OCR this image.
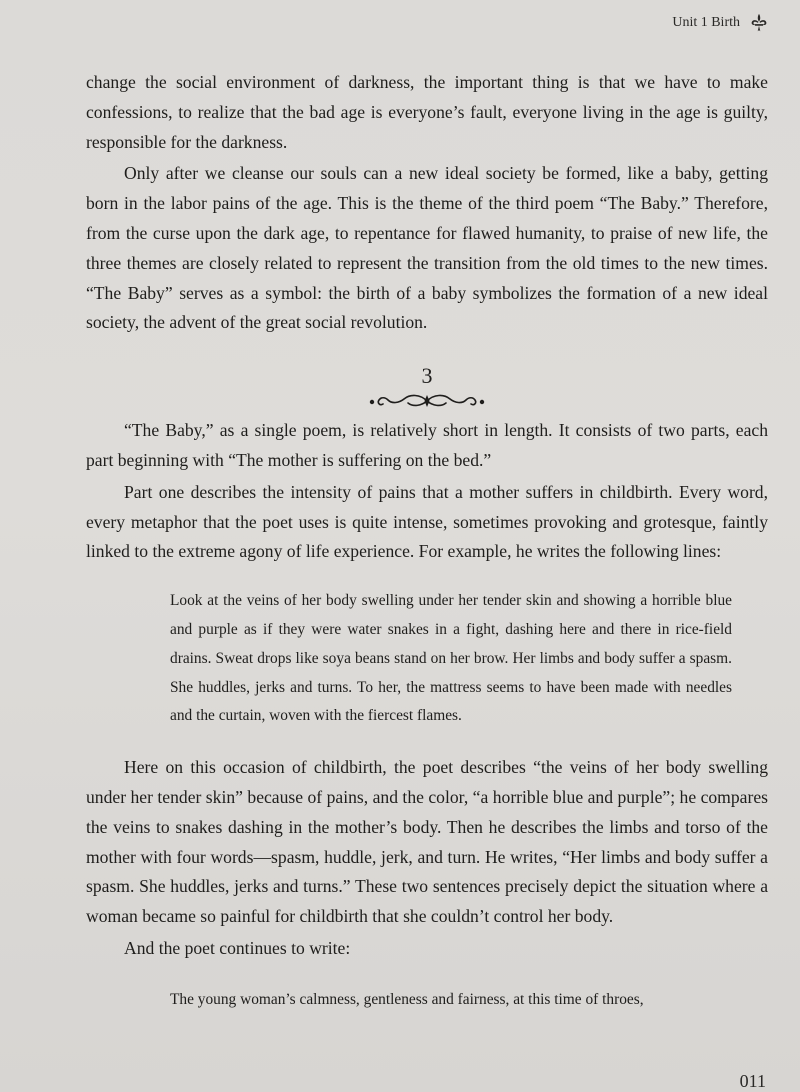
Unit 1 Birth

change the social environment of darkness, the important thing is that we have to make confessions, to realize that the bad age is everyone’s fault, everyone living in the age is guilty, responsible for the darkness.

Only after we cleanse our souls can a new ideal society be formed, like a baby, getting born in the labor pains of the age. This is the theme of the third poem “The Baby.” Therefore, from the curse upon the dark age, to repentance for flawed humanity, to praise of new life, the three themes are closely related to represent the transition from the old times to the new times. “The Baby” serves as a symbol: the birth of a baby symbolizes the formation of a new ideal society, the advent of the great social revolution.

3

“The Baby,” as a single poem, is relatively short in length. It consists of two parts, each part beginning with “The mother is suffering on the bed.”

Part one describes the intensity of pains that a mother suffers in childbirth. Every word, every metaphor that the poet uses is quite intense, sometimes provoking and grotesque, faintly linked to the extreme agony of life experience. For example, he writes the following lines:

Look at the veins of her body swelling under her tender skin and showing a horrible blue and purple as if they were water snakes in a fight, dashing here and there in rice-field drains. Sweat drops like soya beans stand on her brow. Her limbs and body suffer a spasm. She huddles, jerks and turns. To her, the mattress seems to have been made with needles and the curtain, woven with the fiercest flames.

Here on this occasion of childbirth, the poet describes “the veins of her body swelling under her tender skin” because of pains, and the color, “a horrible blue and purple”; he compares the veins to snakes dashing in the mother’s body. Then he describes the limbs and torso of the mother with four words—spasm, huddle, jerk, and turn. He writes, “Her limbs and body suffer a spasm. She huddles, jerks and turns.” These two sentences precisely depict the situation where a woman became so painful for childbirth that she couldn’t control her body.

And the poet continues to write:

The young woman’s calmness, gentleness and fairness, at this time of throes,

011
